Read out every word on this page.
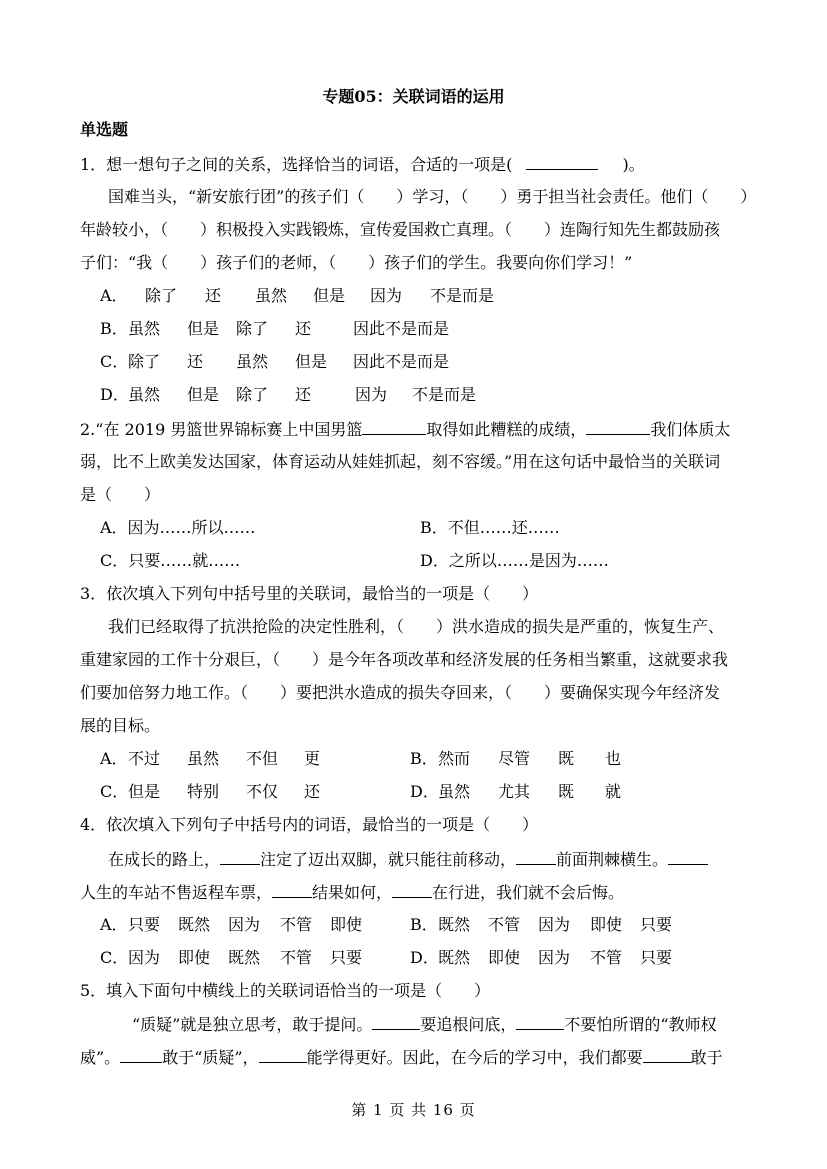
专题05：关联词语的运用
单选题
1．想一想句子之间的关系，选择恰当的词语，合适的一项是(	)。
国难当头，“新安旅行团”的孩子们（　　）学习，（　　）勇于担当社会责任。他们（　　）
年龄较小，（　　）积极投入实践锻炼，宣传爱国救亡真理。（　　）连陶行知先生都鼓励孩
子们：“我（　　）孩子们的老师，（　　）孩子们的学生。我要向你们学习！”
A． 除了 还 虽然 但是 因为 不是而是
B． 虽然 但是 除了 还	因此不是而是
C． 除了 还 虽然 但是 因此不是而是
D． 虽然 但是 除了 还	因为 不是而是
2.“在 2019 男篮世界锦标赛上中国男篮	取得如此糟糕的成绩，	我们体质太
弱，比不上欧美发达国家，体育运动从娃娃抓起，刻不容缓。”用在这句话中最恰当的关联词
是（　　）
A．因为……所以……	B．不但……还……
C．只要……就……	D．之所以……是因为……
3．依次填入下列句中括号里的关联词，最恰当的一项是（　　）
我们已经取得了抗洪抢险的决定性胜利，（　　）洪水造成的损失是严重的，恢复生产、
重建家园的工作十分艰巨，（　　）是今年各项改革和经济发展的任务相当繁重，这就要求我
们要加倍努力地工作。（　　）要把洪水造成的损失夺回来，（　　）要确保实现今年经济发
展的目标。
A． 不过 虽然 不但 更	B． 然而 尽管 既 也
C． 但是 特别 不仅 还	D． 虽然 尤其 既 就
4．依次填入下列句子中括号内的词语，最恰当的一项是（　　）
在成长的路上，	注定了迈出双脚，就只能往前移动，	前面荆棘横生。
人生的车站不售返程车票，	结果如何，	在行进，我们就不会后悔。
A． 只要 既然 因为 不管 即使	B． 既然 不管 因为 即使 只要
C． 因为 即使 既然 不管 只要	D． 既然 即使 因为 不管 只要
5．填入下面句中横线上的关联词语恰当的一项是（　　）
“质疑”就是独立思考，敢于提问。	要追根问底，	不要怕所谓的“教师权
威”。	敢于“质疑”，	能学得更好。因此，在今后的学习中，我们都要	敢于
第 1 页 共 16 页
